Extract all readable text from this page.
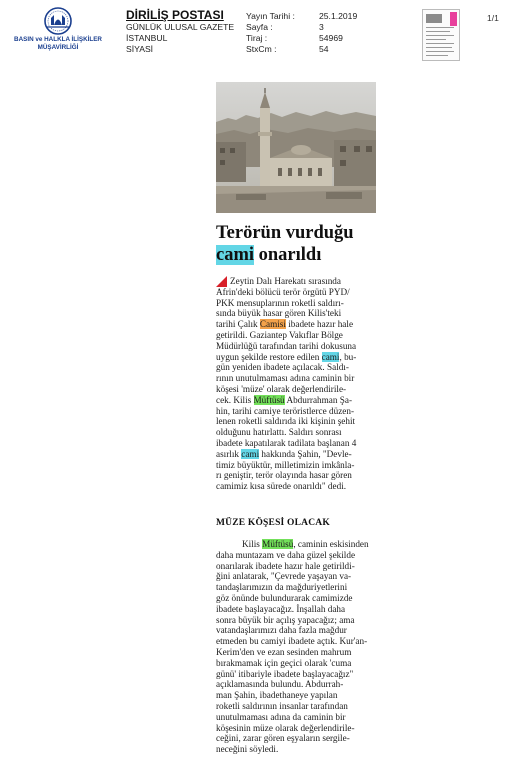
BASIN ve HALKLA İLİŞKİLER
MÜŞAVİRLİĞİ
DİRİLİŞ POSTASI
GÜNLÜK ULUSAL GAZETE
İSTANBUL
SİYASİ
Yayın Tarihi :
Sayfa :
Tiraj :
StxCm :
25.1.2019
3
54969
54
1/1
Terörün vurduğu
cami onarıldı
Zeytin Dalı Harekatı sırasında
Afrin'deki bölücü terör örgütü PYD/
PKK mensuplarının roketli saldırı-
sında büyük hasar gören Kilis'teki
tarihi Çalık Camisi ibadete hazır hale
getirildi. Gaziantep Vakıflar Bölge
Müdürlüğü tarafından tarihi dokusuna
uygun şekilde restore edilen cami, bu-
gün yeniden ibadete açılacak. Saldı-
rının unutulmaması adına caminin bir
köşesi 'müze' olarak değerlendirile-
cek. Kilis Müftüsü Abdurrahman Şa-
hin, tarihi camiye teröristlerce düzen-
lenen roketli saldırıda iki kişinin şehit
olduğunu hatırlattı. Saldırı sonrası
ibadete kapatılarak tadilata başlanan 4
asırlık cami hakkında Şahin, "Devle-
timiz büyüktür, milletimizin imkânla-
rı geniştir, terör olayında hasar gören
camimiz kısa sürede onarıldı" dedi.
MÜZE KÖŞESİ OLACAK
Kilis Müftüsü, caminin eskisinden
daha muntazam ve daha güzel şekilde
onarılarak ibadete hazır hale getirildi-
ğini anlatarak, "Çevrede yaşayan va-
tandaşlarımızın da mağduriyetlerini
göz önünde bulundurarak camimizde
ibadete başlayacağız. İnşallah daha
sonra büyük bir açılış yapacağız; ama
vatandaşlarımızı daha fazla mağdur
etmeden bu camiyi ibadete açtık. Kur'an-
Kerim'den ve ezan sesinden mahrum
bırakmamak için geçici olarak 'cuma
günü' itibariyle ibadete başlayacağız"
açıklamasında bulundu. Abdurrah-
man Şahin, ibadethaneye yapılan
roketli saldırının insanlar tarafından
unutulmaması adına da caminin bir
köşesinin müze olarak değerlendirile-
ceğini, zarar gören eşyaların sergile-
neceğini söyledi.
